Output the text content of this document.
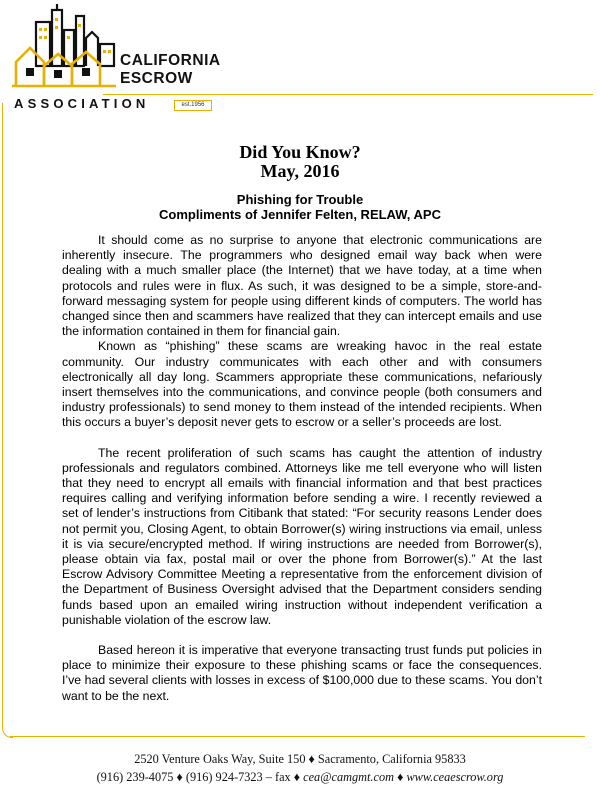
CALIFORNIA
ESCROW
ASSOCIATION	est.1956
Did You Know?
May, 2016
Phishing for Trouble
Compliments of Jennifer Felten, RELAW, APC

It should come as no surprise to anyone that electronic communications are inherently insecure. The programmers who designed email way back when were dealing with a much smaller place (the Internet) that we have today, at a time when protocols and rules were in flux. As such, it was designed to be a simple, store-and-forward messaging system for people using different kinds of computers. The world has changed since then and scammers have realized that they can intercept emails and use the information contained in them for financial gain.

Known as “phishing” these scams are wreaking havoc in the real estate community. Our industry communicates with each other and with consumers electronically all day long. Scammers appropriate these communications, nefariously insert themselves into the communications, and convince people (both consumers and industry professionals) to send money to them instead of the intended recipients. When this occurs a buyer’s deposit never gets to escrow or a seller’s proceeds are lost.

The recent proliferation of such scams has caught the attention of industry professionals and regulators combined. Attorneys like me tell everyone who will listen that they need to encrypt all emails with financial information and that best practices requires calling and verifying information before sending a wire. I recently reviewed a set of lender’s instructions from Citibank that stated: “For security reasons Lender does not permit you, Closing Agent, to obtain Borrower(s) wiring instructions via email, unless it is via secure/encrypted method. If wiring instructions are needed from Borrower(s), please obtain via fax, postal mail or over the phone from Borrower(s).” At the last Escrow Advisory Committee Meeting a representative from the enforcement division of the Department of Business Oversight advised that the Department considers sending funds based upon an emailed wiring instruction without independent verification a punishable violation of the escrow law.

Based hereon it is imperative that everyone transacting trust funds put policies in place to minimize their exposure to these phishing scams or face the consequences. I’ve had several clients with losses in excess of $100,000 due to these scams. You don’t want to be the next.

2520 Venture Oaks Way, Suite 150 ♦ Sacramento, California 95833
(916) 239-4075 ♦ (916) 924-7323 – fax ♦ cea@camgmt.com ♦ www.ceaescrow.org
